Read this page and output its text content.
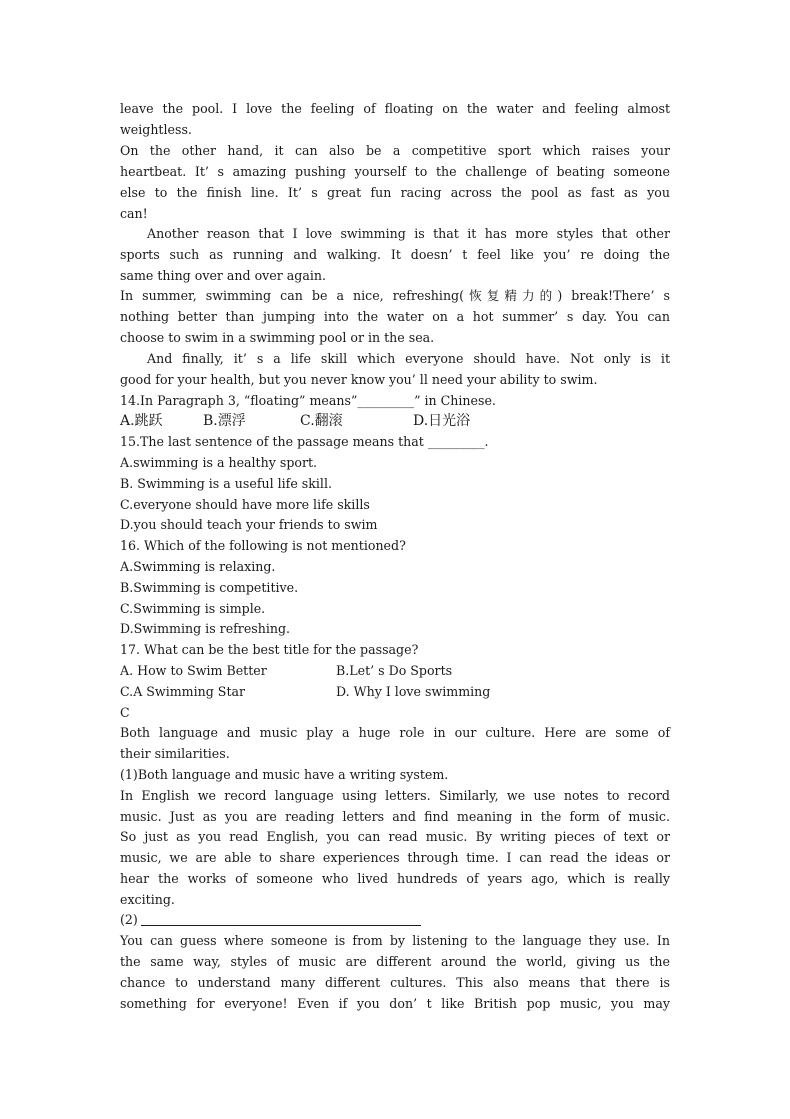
leave the pool. I love the feeling of floating on the water and feeling almost
weightless.
On the other hand, it can also be a competitive sport which raises your
heartbeat. It’ s amazing pushing yourself to the challenge of beating someone
else to the finish line. It’ s great fun racing across the pool as fast as you
can!
Another reason that I love swimming is that it has more styles that other
sports such as running and walking. It doesn’ t feel like you’ re doing the
same thing over and over again.
In summer, swimming can be a nice, refreshing(恢复精力的) break!There’ s
nothing better than jumping into the water on a hot summer’ s day. You can
choose to swim in a swimming pool or in the sea.
And finally, it’ s a life skill which everyone should have. Not only is it
good for your health, but you never know you’ ll need your ability to swim.
14.In Paragraph 3, “floating” means”_________” in Chinese.
A.跳跃	B.漂浮	C.翻滚	D.日光浴
15.The last sentence of the passage means that _________.
A.swimming is a healthy sport.
B. Swimming is a useful life skill.
C.everyone should have more life skills
D.you should teach your friends to swim
16. Which of the following is not mentioned?
A.Swimming is relaxing.
B.Swimming is competitive.
C.Swimming is simple.
D.Swimming is refreshing.
17. What can be the best title for the passage?
A. How to Swim Better	B.Let’ s Do Sports
C.A Swimming Star	D. Why I love swimming
C
Both language and music play a huge role in our culture. Here are some of
their similarities.
(1)Both language and music have a writing system.
In English we record language using letters. Similarly, we use notes to record
music. Just as you are reading letters and find meaning in the form of music.
So just as you read English, you can read music. By writing pieces of text or
music, we are able to share experiences through time. I can read the ideas or
hear the works of someone who lived hundreds of years ago, which is really
exciting.
(2)
You can guess where someone is from by listening to the language they use. In
the same way, styles of music are different around the world, giving us the
chance to understand many different cultures. This also means that there is
something for everyone! Even if you don’ t like British pop music, you may
